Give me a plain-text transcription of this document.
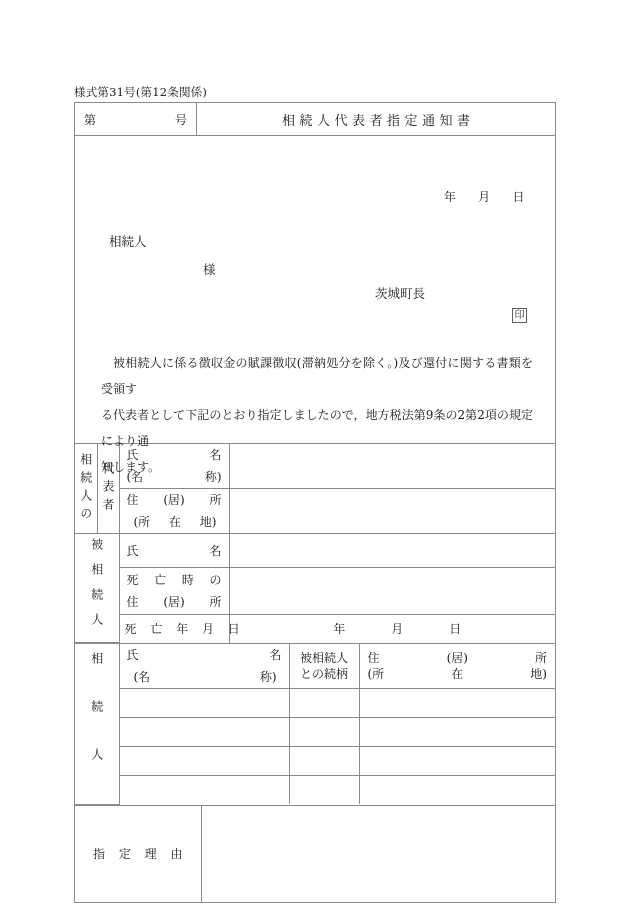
様式第31号(第12条関係)
第	号	相続人代表者指定通知書
年 月 日
相続人
様
茨城町長
印

被相続人に係る徴収金の賦課徴収(滞納処分を除く。)及び還付に関する書類を受領す

る代表者として下記のとおり指定しましたので，地方税法第9条の2第2項の規定により通

知します。

相続人の	代表者	氏 名
(名 称)	

住 (居) 所
(所 在 地)

被相続人		氏 名	

死 亡 時 の
住 (居) 所

		死 亡 年 月 日	年 月 日
相続人	氏	名
(名	称)

被相続人
との続柄

住	(居)	所
(所	在	地)

指 定 理 由
